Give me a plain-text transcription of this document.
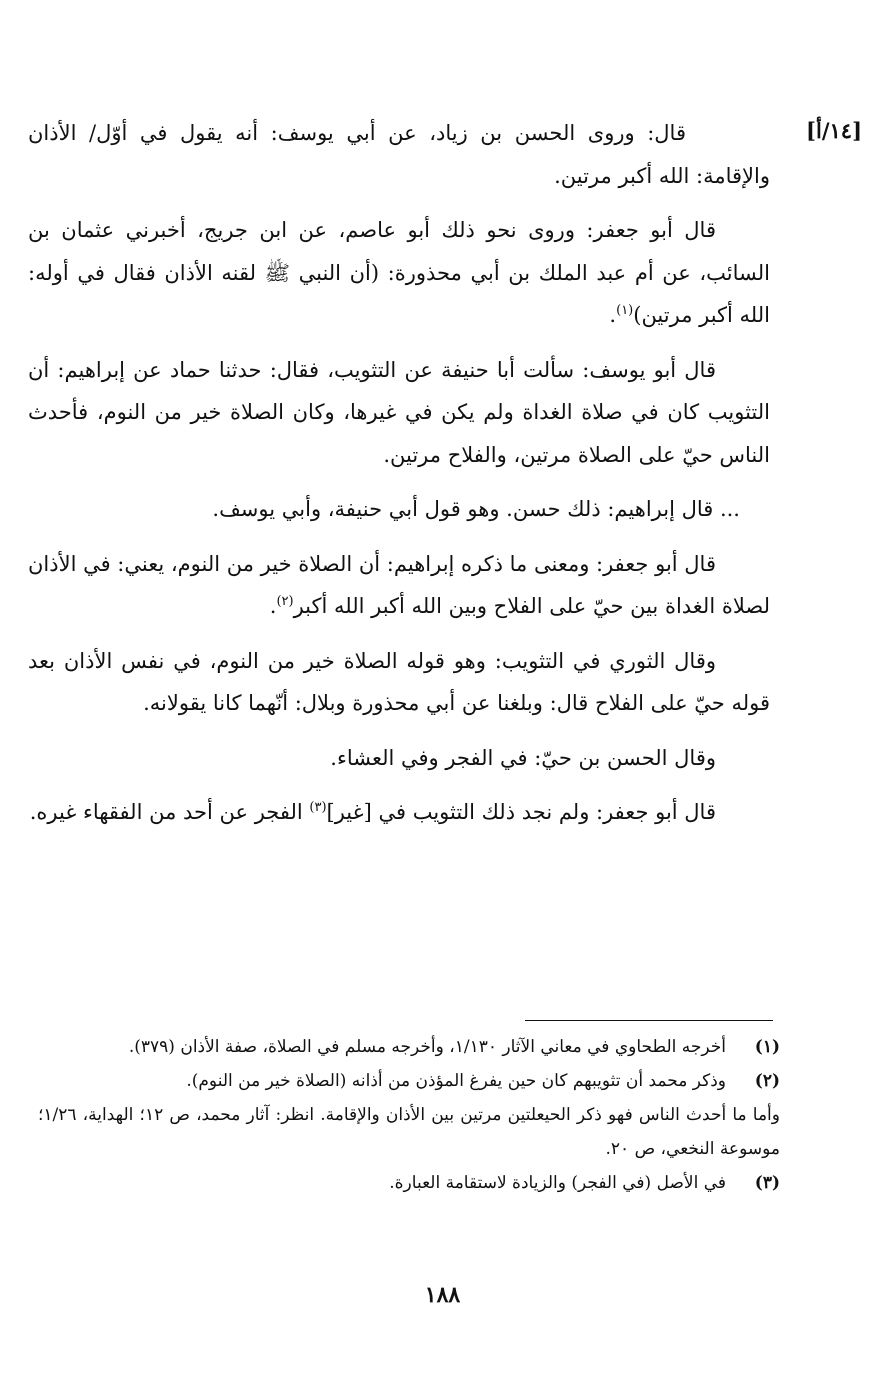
[١٤/أ]

قال: وروى الحسن بن زياد، عن أبي يوسف: أنه يقول في أوّل/ الأذان والإقامة: الله أكبر مرتين.

قال أبو جعفر: وروى نحو ذلك أبو عاصم، عن ابن جريج، أخبرني عثمان بن السائب، عن أم عبد الملك بن أبي محذورة: (أن النبي ﷺ لقنه الأذان فقال في أوله: الله أكبر مرتين)$^{(١)}$.

قال أبو يوسف: سألت أبا حنيفة عن التثويب، فقال: حدثنا حماد عن إبراهيم: أن التثويب كان في صلاة الغداة ولم يكن في غيرها، وكان الصلاة خير من النوم، فأحدث الناس حيّ على الصلاة مرتين، والفلاح مرتين.

... قال إبراهيم: ذلك حسن. وهو قول أبي حنيفة، وأبي يوسف.

قال أبو جعفر: ومعنى ما ذكره إبراهيم: أن الصلاة خير من النوم، يعني: في الأذان لصلاة الغداة بين حيّ على الفلاح وبين الله أكبر الله أكبر$^{(٢)}$.

وقال الثوري في التثويب: وهو قوله الصلاة خير من النوم، في نفس الأذان بعد قوله حيّ على الفلاح قال: وبلغنا عن أبي محذورة وبلال: أنّهما كانا يقولانه.

وقال الحسن بن حيّ: في الفجر وفي العشاء.

قال أبو جعفر: ولم نجد ذلك التثويب في [غير]$^{(٣)}$ الفجر عن أحد من الفقهاء غيره.

(١)
أخرجه الطحاوي في معاني الآثار ١/١٣٠، وأخرجه مسلم في الصلاة، صفة الأذان (٣٧٩).
(٢)
وذكر محمد أن تثويبهم كان حين يفرغ المؤذن من أذانه (الصلاة خير من النوم).
وأما ما أحدث الناس فهو ذكر الحيعلتين مرتين بين الأذان والإقامة. انظر: آثار محمد، ص ١٢؛ الهداية، ١/٢٦؛ موسوعة النخعي، ص ٢٠.
(٣)
في الأصل (في الفجر) والزيادة لاستقامة العبارة.
١٨٨
